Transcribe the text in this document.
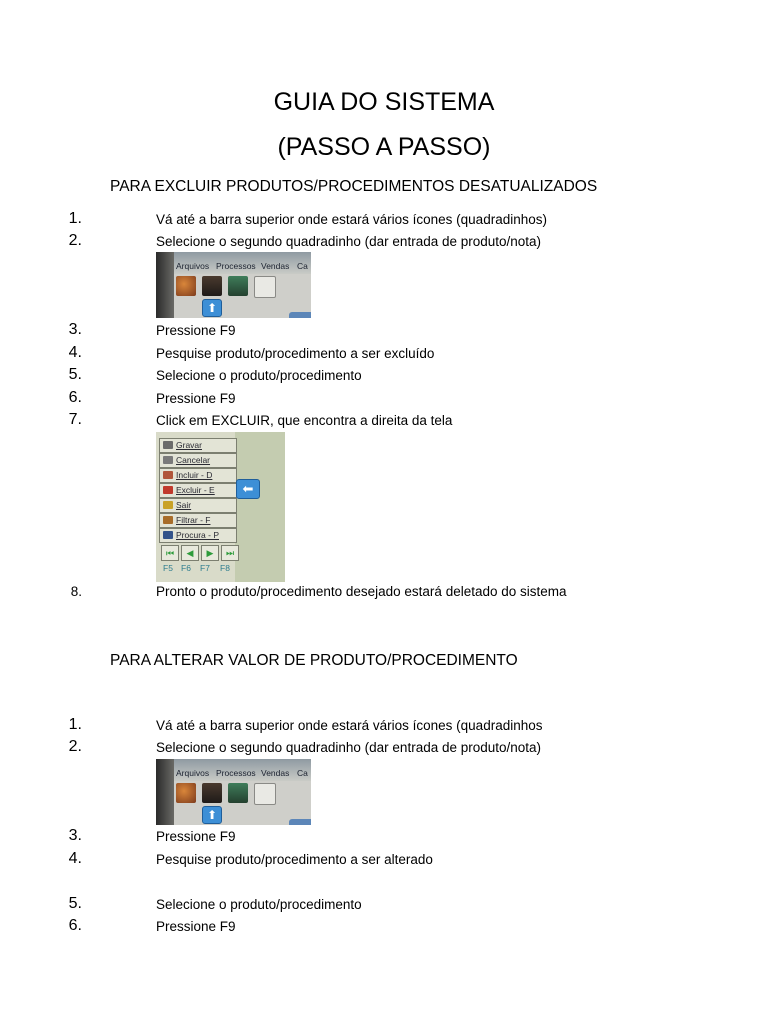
GUIA DO SISTEMA
(PASSO A PASSO)
PARA EXCLUIR PRODUTOS/PROCEDIMENTOS DESATUALIZADOS
1.	Vá até a barra superior onde estará vários ícones (quadradinhos)
2.	Selecione o segundo quadradinho (dar entrada de produto/nota)
Arquivos Processos Vendas Ca
⬆
3.	Pressione F9
4.	Pesquise produto/procedimento a ser excluído
5.	Selecione o produto/procedimento
6.	Pressione F9
7.	Click em EXCLUIR, que encontra a direita da tela
Gravar
Cancelar
Incluir - D
Excluir - E
Sair
Filtrar - F
Procura - P
⬅
⏮	◀	▶	⏭
F5 F6 F7 F8
8.	Pronto o produto/procedimento desejado estará deletado do sistema
PARA ALTERAR VALOR DE PRODUTO/PROCEDIMENTO
1.	Vá até a barra superior onde estará vários ícones (quadradinhos
2.	Selecione o segundo quadradinho (dar entrada de produto/nota)
Arquivos Processos Vendas Ca
⬆
3.	Pressione F9
4.	Pesquise produto/procedimento a ser alterado
5.	Selecione o produto/procedimento
6.	Pressione F9
